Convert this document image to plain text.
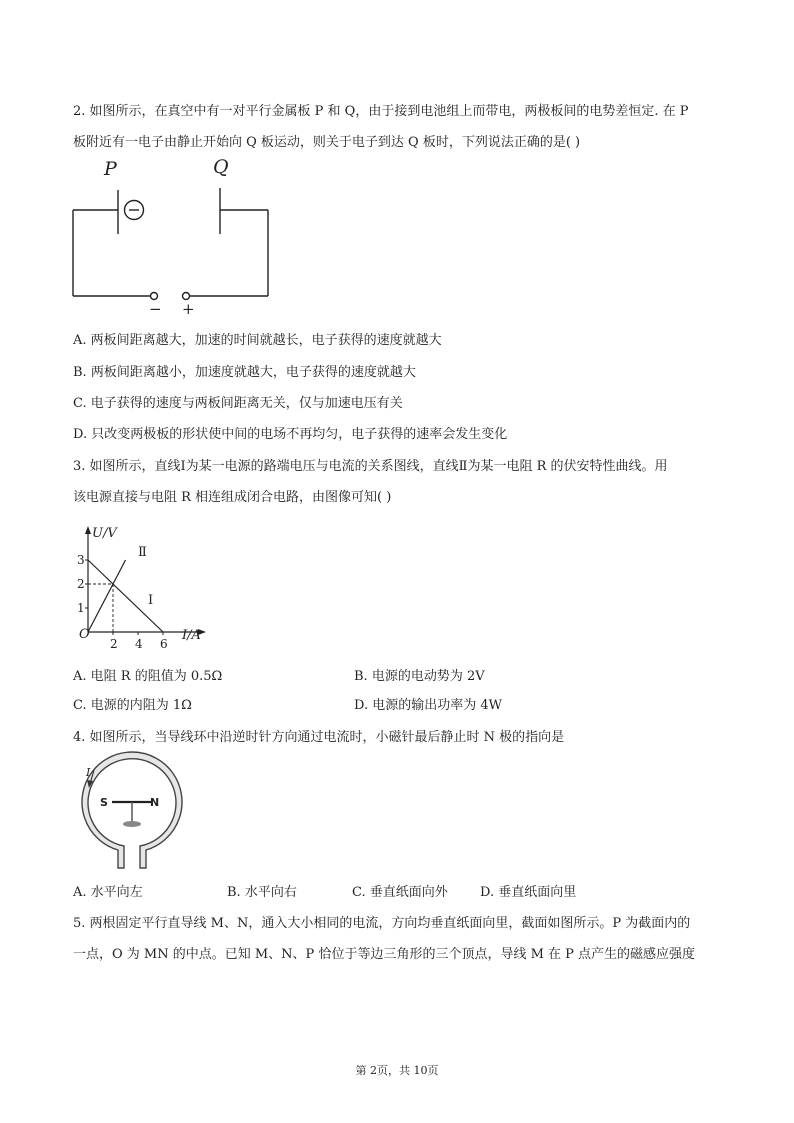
2. 如图所示，在真空中有一对平行金属板 P 和 Q，由于接到电池组上而带电，两极板间的电势差恒定. 在 P
板附近有一电子由静止开始向 Q 板运动，则关于电子到达 Q 板时，下列说法正确的是( )
P	Q
− +
A. 两板间距离越大，加速的时间就越长，电子获得的速度就越大
B. 两板间距离越小，加速度就越大，电子获得的速度就越大
C. 电子获得的速度与两板间距离无关，仅与加速电压有关
D. 只改变两极板的形状使中间的电场不再均匀，电子获得的速率会发生变化
3. 如图所示，直线Ⅰ为某一电源的路端电压与电流的关系图线，直线Ⅱ为某一电阻 R 的伏安特性曲线。用
该电源直接与电阻 R 相连组成闭合电路，由图像可知( )
1
2
3
2 4 6
U/V
I/A
O
Ⅰ
Ⅱ
A. 电阻 R 的阻值为 0.5Ω	B. 电源的电动势为 2V
C. 电源的内阻为 1Ω	D. 电源的输出功率为 4W
4. 如图所示，当导线环中沿逆时针方向通过电流时，小磁针最后静止时 N 极的指向是
I
S	N
A. 水平向左	B. 水平向右	C. 垂直纸面向外 D. 垂直纸面向里
5. 两根固定平行直导线 M、N，通入大小相同的电流，方向均垂直纸面向里，截面如图所示。P 为截面内的
一点，O 为 MN 的中点。已知 M、N、P 恰位于等边三角形的三个顶点，导线 M 在 P 点产生的磁感应强度
第 2页，共 10页
